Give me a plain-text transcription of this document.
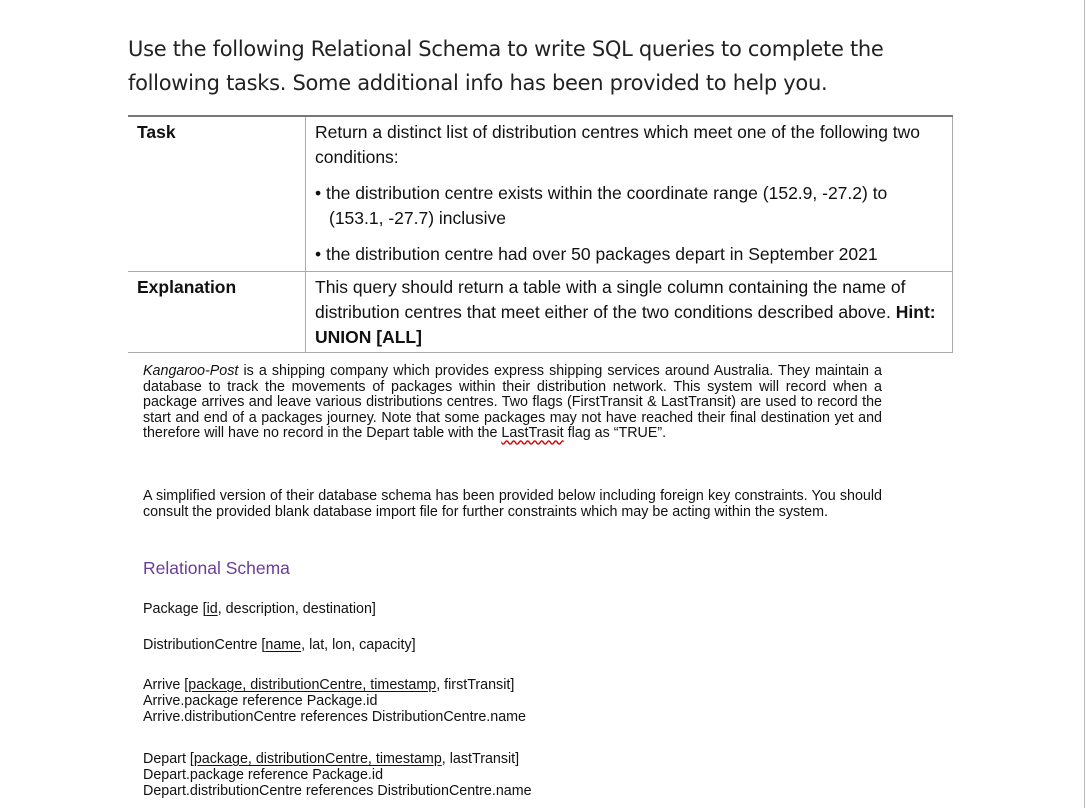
Use the following Relational Schema to write SQL queries to complete the following tasks. Some additional info has been provided to help you.
Task	Return a distinct list of distribution centres which meet one of the following two conditions:
• the distribution centre exists within the coordinate range (152.9, -27.2) to (153.1, -27.7) inclusive
• the distribution centre had over 50 packages depart in September 2021

Explanation	This query should return a table with a single column containing the name of distribution centres that meet either of the two conditions described above. Hint: UNION [ALL]
Kangaroo-Post is a shipping company which provides express shipping services around Australia. They maintain a database to track the movements of packages within their distribution network. This system will record when a package arrives and leave various distributions centres. Two flags (FirstTransit & LastTransit) are used to record the start and end of a packages journey. Note that some packages may not have reached their final destination yet and therefore will have no record in the Depart table with the LastTrasit flag as “TRUE”.
A simplified version of their database schema has been provided below including foreign key constraints. You should consult the provided blank database import file for further constraints which may be acting within the system.
Relational Schema
Package [id, description, destination]
DistributionCentre [name, lat, lon, capacity]
Arrive [package, distributionCentre, timestamp, firstTransit]
Arrive.package reference Package.id
Arrive.distributionCentre references DistributionCentre.name
Depart [package, distributionCentre, timestamp, lastTransit]
Depart.package reference Package.id
Depart.distributionCentre references DistributionCentre.name
